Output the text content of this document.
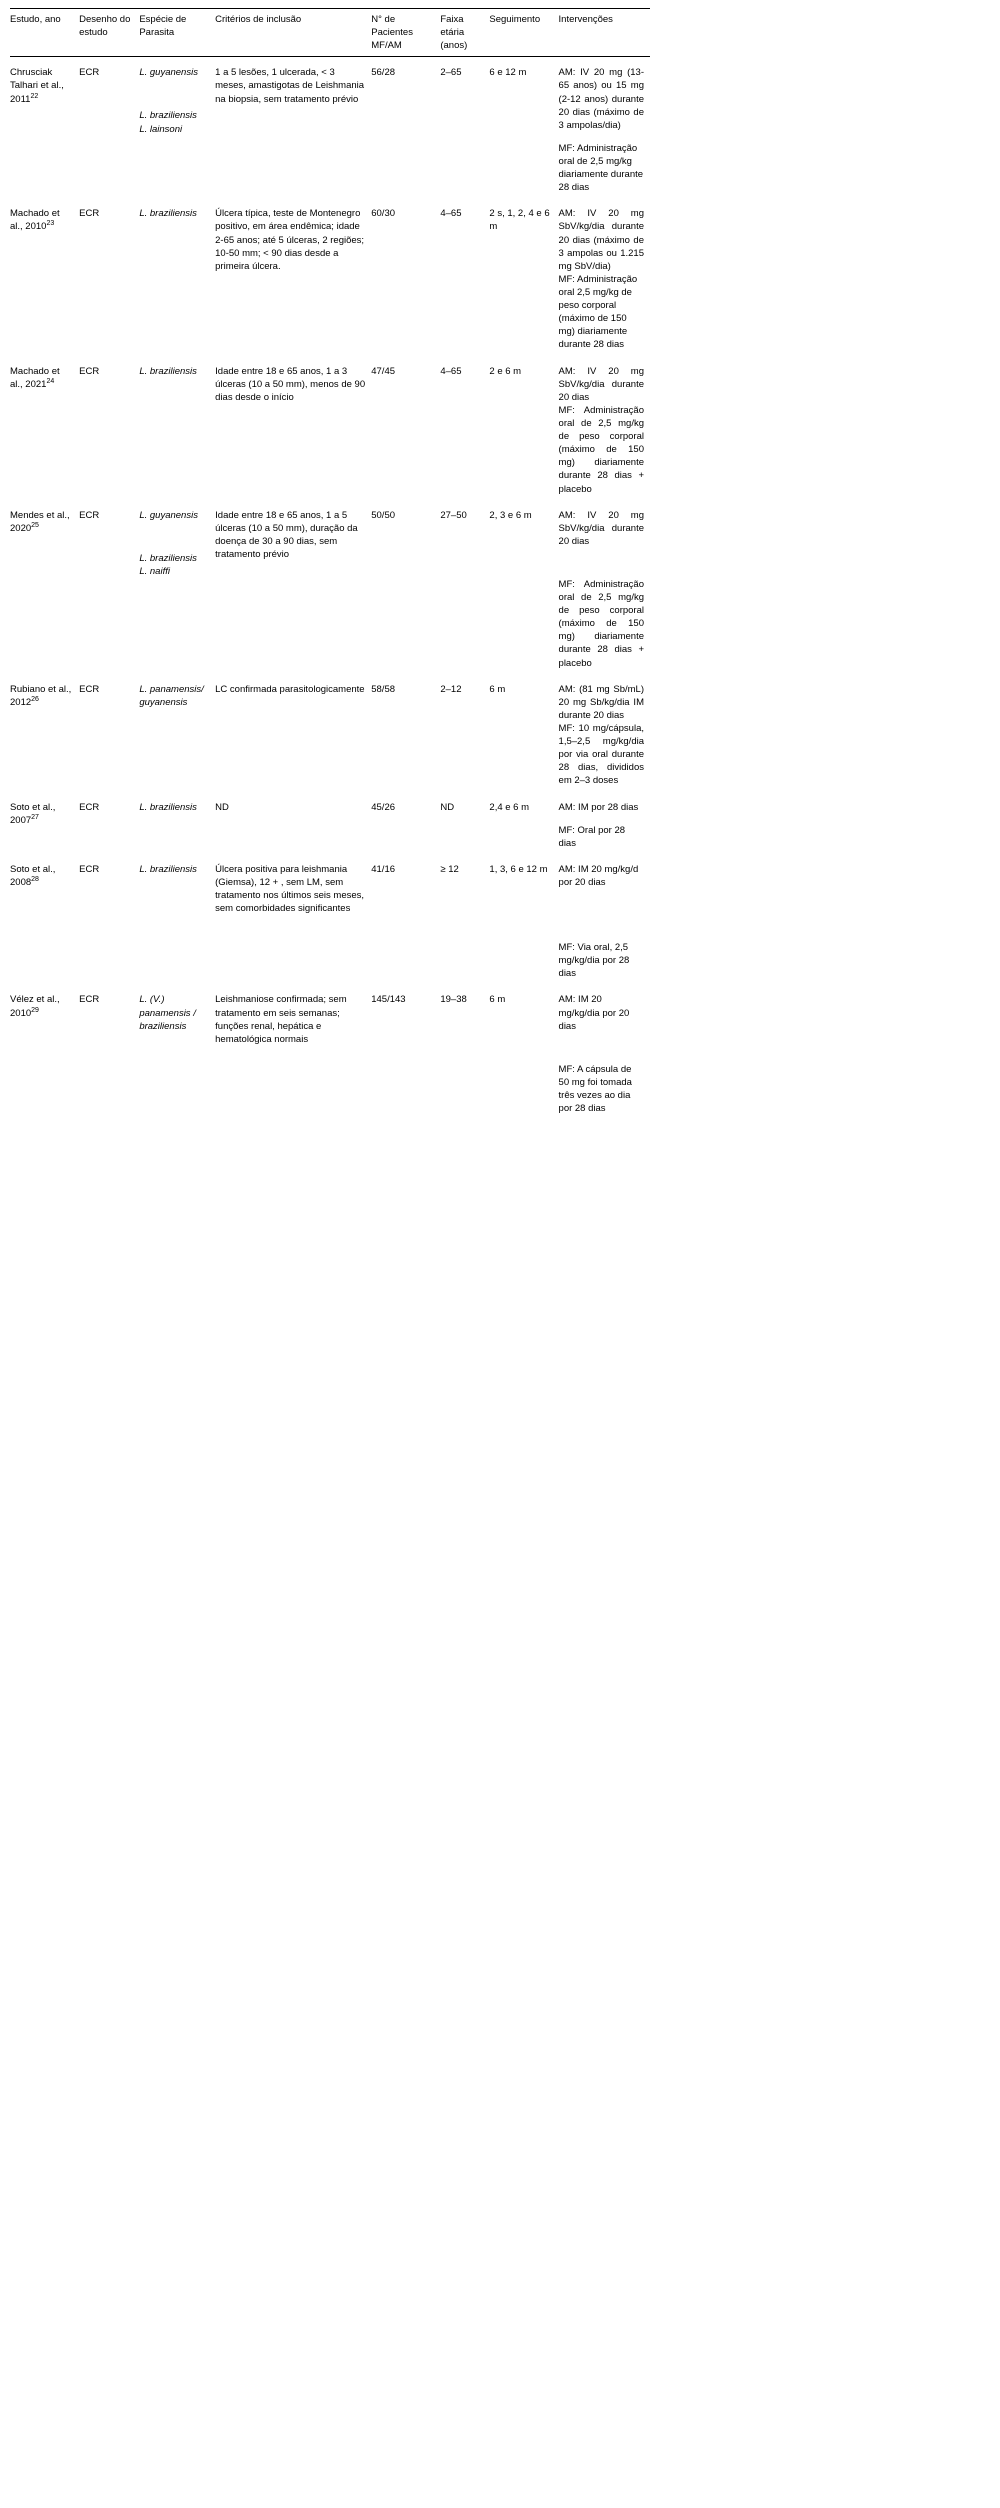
Estudo, ano	Desenho do estudo	Espécie de Parasita	Critérios de inclusão	N° de Pacientes MF/AM	Faixa etária (anos)	Seguimento	Intervenções
Chrusciak Talhari et al., 2011$^{22}$	ECR	L. guyanensis
L. braziliensis
L. lainsoni	1 a 5 lesões, 1 ulcerada, < 3 meses, amastigotas de Leishmania na biopsia, sem tratamento prévio	56/28	2–65	6 e 12 m	AM: IV 20 mg (13-65 anos) ou 15 mg (2-12 anos) durante 20 dias (máximo de 3 ampolas/dia)
MF: Administração oral de 2,5 mg/kg diariamente durante 28 dias

Machado et al., 2010$^{23}$	ECR	L. braziliensis	Úlcera típica, teste de Montenegro positivo, em área endêmica; idade 2-65 anos; até 5 úlceras, 2 regiões; 10-50 mm; < 90 dias desde a primeira úlcera.	60/30	4–65	2 s, 1, 2, 4 e 6 m	AM: IV 20 mg SbV/kg/dia durante 20 dias (máximo de 3 ampolas ou 1.215 mg SbV/dia)
MF: Administração oral 2,5 mg/kg de peso corporal (máximo de 150 mg) diariamente durante 28 dias

Machado et al., 2021$^{24}$	ECR	L. braziliensis	Idade entre 18 e 65 anos, 1 a 3 úlceras (10 a 50 mm), menos de 90 dias desde o início	47/45	4–65	2 e 6 m	AM: IV 20 mg SbV/kg/dia durante 20 dias
MF: Administração oral de 2,5 mg/kg de peso corporal (máximo de 150 mg) diariamente durante 28 dias + placebo

Mendes et al., 2020$^{25}$	ECR	L. guyanensis
L. braziliensis
L. naiffi	Idade entre 18 e 65 anos, 1 a 5 úlceras (10 a 50 mm), duração da doença de 30 a 90 dias, sem tratamento prévio	50/50	27–50	2, 3 e 6 m	AM: IV 20 mg SbV/kg/dia durante 20 dias
MF: Administração oral de 2,5 mg/kg de peso corporal (máximo de 150 mg) diariamente durante 28 dias + placebo

Rubiano et al., 2012$^{26}$	ECR	L. panamensis/ guyanensis	LC confirmada parasitologicamente	58/58	2–12	6 m	AM: (81 mg Sb/mL) 20 mg Sb/kg/dia IM durante 20 dias
MF: 10 mg/cápsula, 1,5–2,5 mg/kg/dia por via oral durante 28 dias, divididos em 2–3 doses

Soto et al., 2007$^{27}$	ECR	L. braziliensis	ND	45/26	ND	2,4 e 6 m	AM: IM por 28 dias
MF: Oral por 28 dias

Soto et al., 2008$^{28}$	ECR	L. braziliensis	Úlcera positiva para leishmania (Giemsa), 12 + , sem LM, sem tratamento nos últimos seis meses, sem comorbidades significantes	41/16	≥ 12	1, 3, 6 e 12 m	AM: IM 20 mg/kg/d por 20 dias
MF: Via oral, 2,5 mg/kg/dia por 28 dias

Vélez et al., 2010$^{29}$	ECR	L. (V.) panamensis / braziliensis	Leishmaniose confirmada; sem tratamento em seis semanas; funções renal, hepática e hematológica normais	145/143	19–38	6 m	AM: IM 20 mg/kg/dia por 20 dias
MF: A cápsula de 50 mg foi tomada três vezes ao dia por 28 dias
